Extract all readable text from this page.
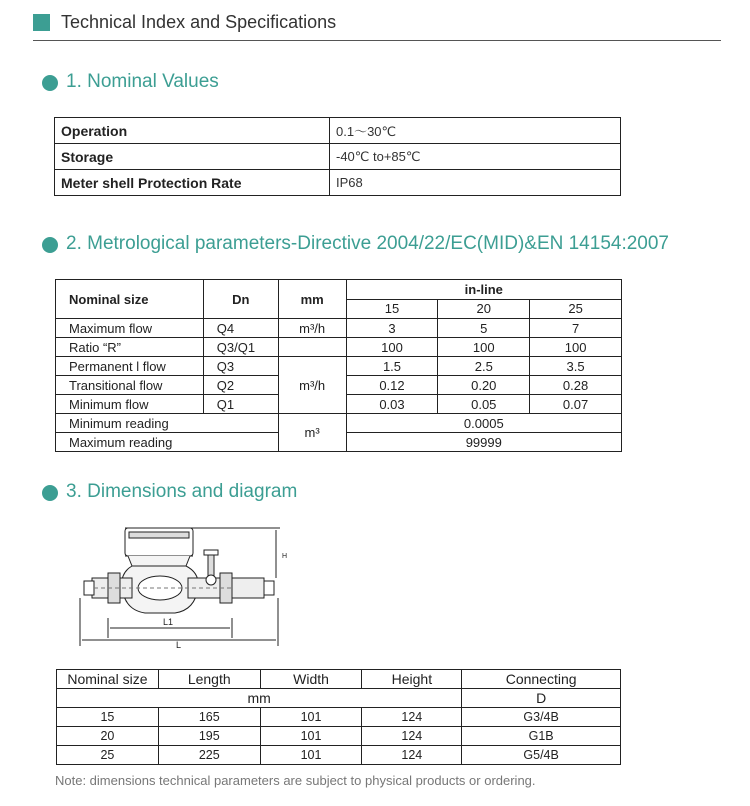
Technical Index and Specifications
1. Nominal Values
Operation	0.1～30℃
Storage	-40℃ to+85℃
Meter shell Protection Rate	IP68
2. Metrological parameters-Directive 2004/22/EC(MID)&EN 14154:2007
Nominal size	Dn	mm	in-line		
			15	20	25
Maximum flow	Q4	m³/h	3	5	7
Ratio “R”	Q3/Q1		100	100	100
Permanent l flow	Q3	m³/h	1.5	2.5	3.5
Transitional flow	Q2		0.12	0.20	0.28
Minimum flow	Q1		0.03	0.05	0.07
Minimum reading		m³	0.0005		
Maximum reading			99999		
3. Dimensions and diagram
L1
L
H
Nominal size	Length	Width	Height	Connecting
mm				D
15	165	101	124	G3/4B
20	195	101	124	G1B
25	225	101	124	G5/4B
Note: dimensions technical parameters are subject to physical products or ordering.
